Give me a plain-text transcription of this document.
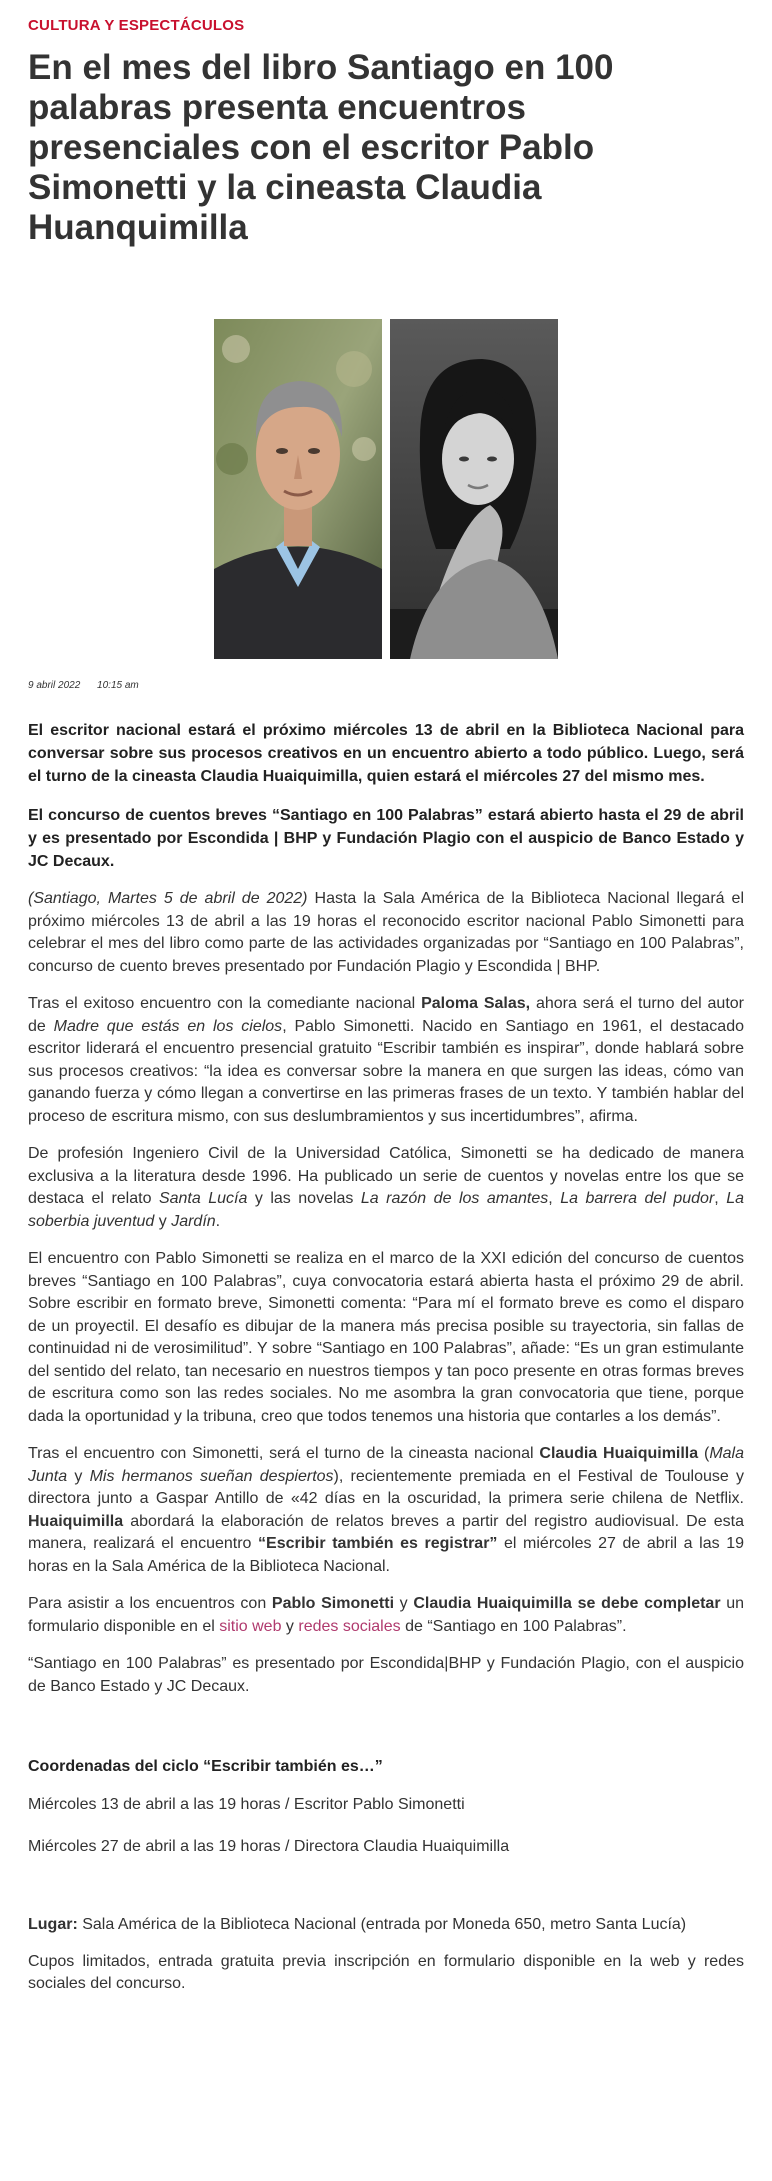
CULTURA Y ESPECTÁCULOS
En el mes del libro Santiago en 100 palabras presenta encuentros presenciales con el escritor Pablo Simonetti y la cineasta Claudia Huanquimilla
9 abril 2022 10:15 am

El escritor nacional estará el próximo miércoles 13 de abril en la Biblioteca Nacional para conversar sobre sus procesos creativos en un encuentro abierto a todo público. Luego, será el turno de la cineasta Claudia Huaiquimilla, quien estará el miércoles 27 del mismo mes.

El concurso de cuentos breves “Santiago en 100 Palabras” estará abierto hasta el 29 de abril y es presentado por Escondida | BHP y Fundación Plagio con el auspicio de Banco Estado y JC Decaux.

(Santiago, Martes 5 de abril de 2022) Hasta la Sala América de la Biblioteca Nacional llegará el próximo miércoles 13 de abril a las 19 horas el reconocido escritor nacional Pablo Simonetti para celebrar el mes del libro como parte de las actividades organizadas por “Santiago en 100 Palabras”, concurso de cuento breves presentado por Fundación Plagio y Escondida | BHP.

Tras el exitoso encuentro con la comediante nacional Paloma Salas, ahora será el turno del autor de Madre que estás en los cielos, Pablo Simonetti. Nacido en Santiago en 1961, el destacado escritor liderará el encuentro presencial gratuito “Escribir también es inspirar”, donde hablará sobre sus procesos creativos: “la idea es conversar sobre la manera en que surgen las ideas, cómo van ganando fuerza y cómo llegan a convertirse en las primeras frases de un texto. Y también hablar del proceso de escritura mismo, con sus deslumbramientos y sus incertidumbres”, afirma.

De profesión Ingeniero Civil de la Universidad Católica, Simonetti se ha dedicado de manera exclusiva a la literatura desde 1996. Ha publicado un serie de cuentos y novelas entre los que se destaca el relato Santa Lucía y las novelas La razón de los amantes, La barrera del pudor, La soberbia juventud y Jardín.

El encuentro con Pablo Simonetti se realiza en el marco de la XXI edición del concurso de cuentos breves “Santiago en 100 Palabras”, cuya convocatoria estará abierta hasta el próximo 29 de abril. Sobre escribir en formato breve, Simonetti comenta: “Para mí el formato breve es como el disparo de un proyectil. El desafío es dibujar de la manera más precisa posible su trayectoria, sin fallas de continuidad ni de verosimilitud”. Y sobre “Santiago en 100 Palabras”, añade: “Es un gran estimulante del sentido del relato, tan necesario en nuestros tiempos y tan poco presente en otras formas breves de escritura como son las redes sociales. No me asombra la gran convocatoria que tiene, porque dada la oportunidad y la tribuna, creo que todos tenemos una historia que contarles a los demás”.

Tras el encuentro con Simonetti, será el turno de la cineasta nacional Claudia Huaiquimilla (Mala Junta y Mis hermanos sueñan despiertos), recientemente premiada en el Festival de Toulouse y directora junto a Gaspar Antillo de «42 días en la oscuridad, la primera serie chilena de Netflix. Huaiquimilla abordará la elaboración de relatos breves a partir del registro audiovisual. De esta manera, realizará el encuentro “Escribir también es registrar” el miércoles 27 de abril a las 19 horas en la Sala América de la Biblioteca Nacional.

Para asistir a los encuentros con Pablo Simonetti y Claudia Huaiquimilla se debe completar un formulario disponible en el sitio web y redes sociales de “Santiago en 100 Palabras”.

“Santiago en 100 Palabras” es presentado por Escondida|BHP y Fundación Plagio, con el auspicio de Banco Estado y JC Decaux.

Coordenadas del ciclo “Escribir también es…”
Miércoles 13 de abril a las 19 horas / Escritor Pablo Simonetti
Miércoles 27 de abril a las 19 horas / Directora Claudia Huaiquimilla

Lugar: Sala América de la Biblioteca Nacional (entrada por Moneda 650, metro Santa Lucía)

Cupos limitados, entrada gratuita previa inscripción en formulario disponible en la web y redes sociales del concurso.
